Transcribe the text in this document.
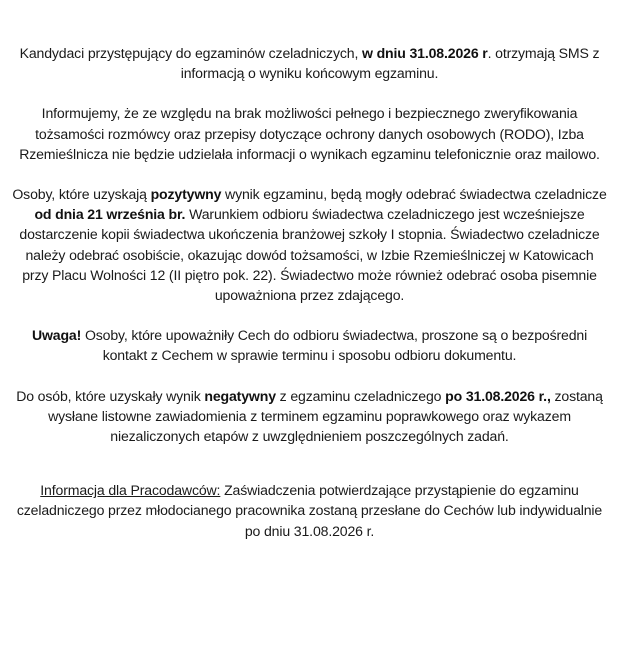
Kandydaci przystępujący do egzaminów czeladniczych, w dniu 31.08.2026 r. otrzymają SMS z informacją o wyniku końcowym egzaminu.

Informujemy, że ze względu na brak możliwości pełnego i bezpiecznego zweryfikowania tożsamości rozmówcy oraz przepisy dotyczące ochrony danych osobowych (RODO), Izba Rzemieślnicza nie będzie udzielała informacji o wynikach egzaminu telefonicznie oraz mailowo.

Osoby, które uzyskają pozytywny wynik egzaminu, będą mogły odebrać świadectwa czeladnicze od dnia 21 września br. Warunkiem odbioru świadectwa czeladniczego jest wcześniejsze dostarczenie kopii świadectwa ukończenia branżowej szkoły I stopnia. Świadectwo czeladnicze należy odebrać osobiście, okazując dowód tożsamości, w Izbie Rzemieślniczej w Katowicach przy Placu Wolności 12 (II piętro pok. 22). Świadectwo może również odebrać osoba pisemnie upoważniona przez zdającego.

Uwaga! Osoby, które upoważniły Cech do odbioru świadectwa, proszone są o bezpośredni kontakt z Cechem w sprawie terminu i sposobu odbioru dokumentu.

Do osób, które uzyskały wynik negatywny z egzaminu czeladniczego po 31.08.2026 r., zostaną wysłane listowne zawiadomienia z terminem egzaminu poprawkowego oraz wykazem niezaliczonych etapów z uwzględnieniem poszczególnych zadań.

Informacja dla Pracodawców: Zaświadczenia potwierdzające przystąpienie do egzaminu czeladniczego przez młodocianego pracownika zostaną przesłane do Cechów lub indywidualnie po dniu 31.08.2026 r.
